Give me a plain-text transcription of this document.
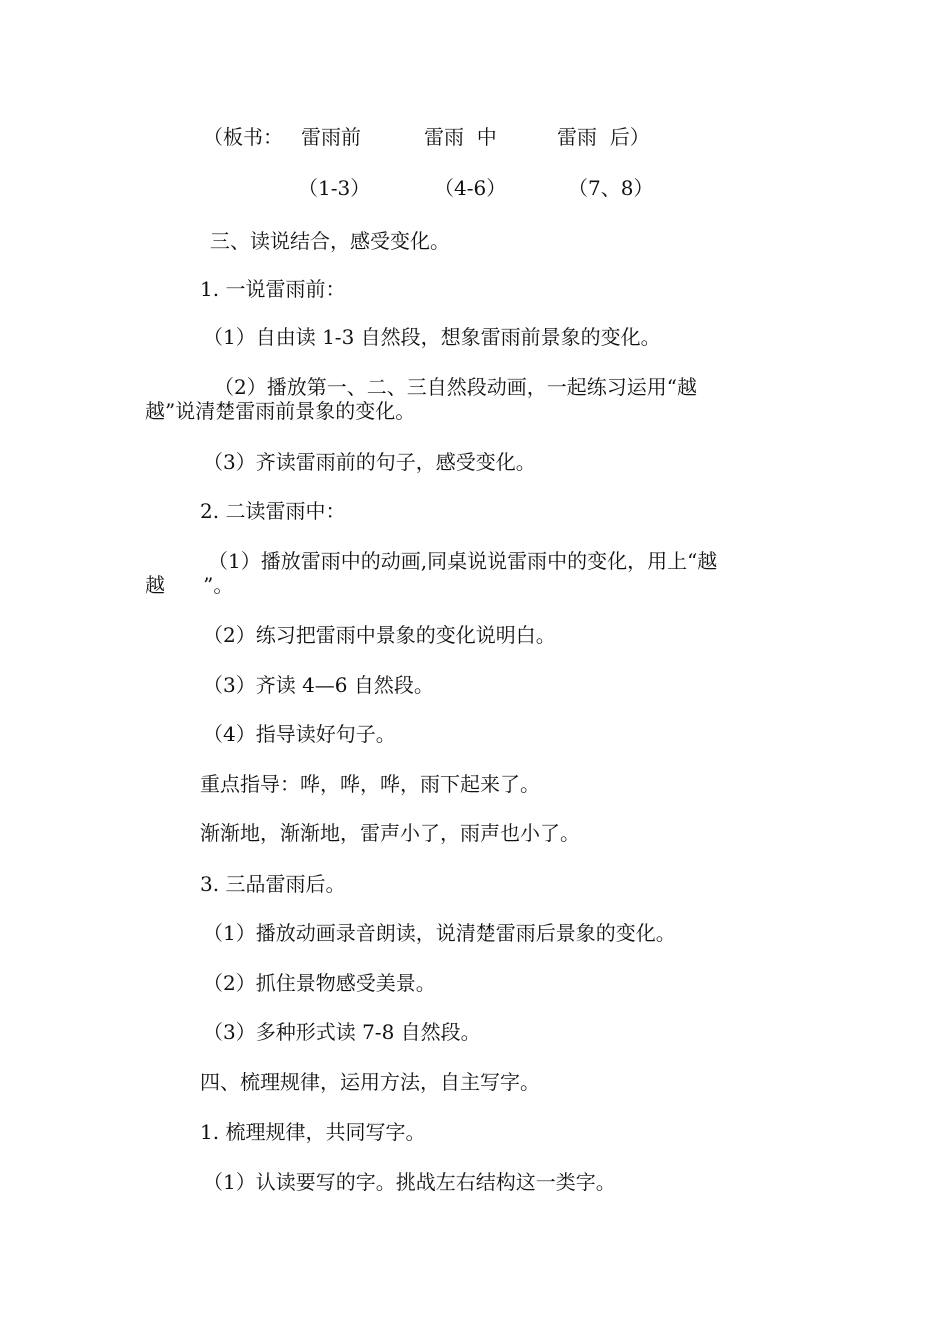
（板书： 雷雨前	雷雨  中	雷雨  后）
（1-3）	（4-6）	（7、8）
三、读说结合，感受变化。
1. 一说雷雨前：
（1）自由读 1-3 自然段，想象雷雨前景象的变化。
（2）播放第一、二、三自然段动画，一起练习运用“越
越”说清楚雷雨前景象的变化。
（3）齐读雷雨前的句子，感受变化。
2. 二读雷雨中：
（1）播放雷雨中的动画,同桌说说雷雨中的变化，用上“越
越      ”。
（2）练习把雷雨中景象的变化说明白。
（3）齐读 4—6 自然段。
（4）指导读好句子。
重点指导：哗，哗，哗，雨下起来了。
渐渐地，渐渐地，雷声小了，雨声也小了。
3. 三品雷雨后。
（1）播放动画录音朗读，说清楚雷雨后景象的变化。
（2）抓住景物感受美景。
（3）多种形式读 7-8 自然段。
四、梳理规律，运用方法，自主写字。
1. 梳理规律，共同写字。
（1）认读要写的字。挑战左右结构这一类字。
